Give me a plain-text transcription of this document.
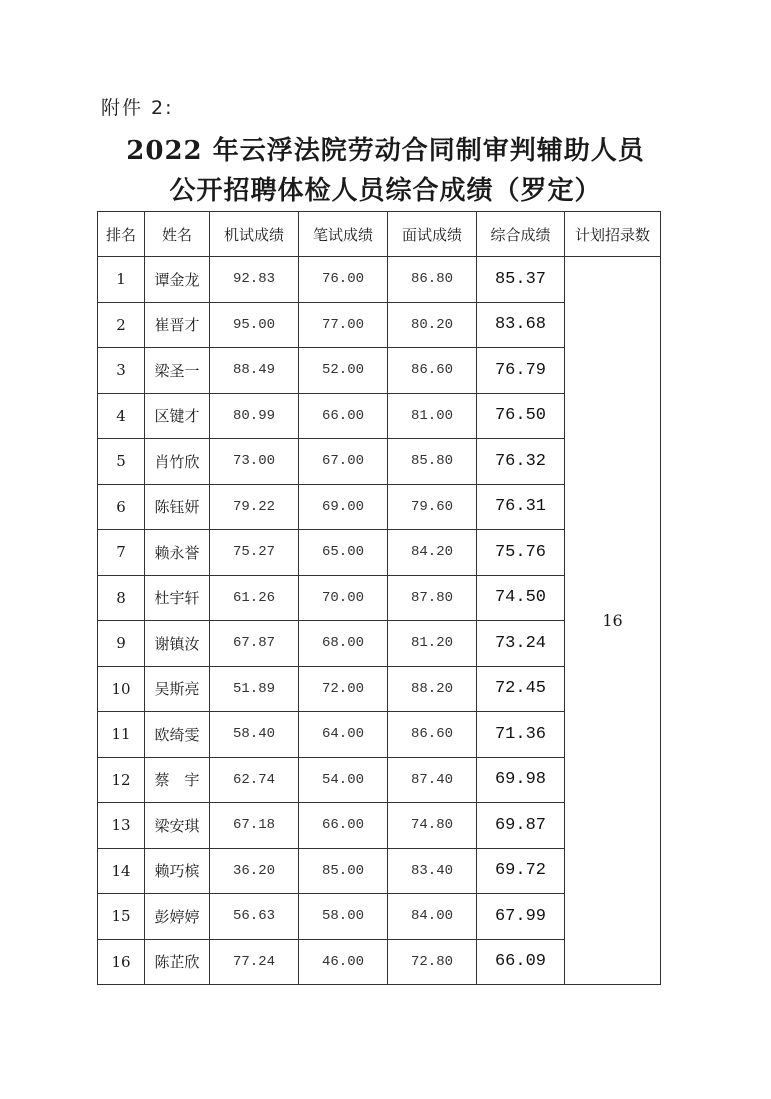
附件 2:
2022 年云浮法院劳动合同制审判辅助人员
公开招聘体检人员综合成绩（罗定）
排名	姓名	机试成绩	笔试成绩	面试成绩	综合成绩	计划招录数
1	谭金龙	92.83	76.00	86.80	85.37	16
2	崔晋才	95.00	77.00	80.20	83.68	
3	梁圣一	88.49	52.00	86.60	76.79	
4	区键才	80.99	66.00	81.00	76.50	
5	肖竹欣	73.00	67.00	85.80	76.32	
6	陈钰妍	79.22	69.00	79.60	76.31	
7	赖永誉	75.27	65.00	84.20	75.76	
8	杜宇轩	61.26	70.00	87.80	74.50	
9	谢镇汝	67.87	68.00	81.20	73.24	
10	吴斯亮	51.89	72.00	88.20	72.45	
11	欧绮雯	58.40	64.00	86.60	71.36	
12	蔡　宇	62.74	54.00	87.40	69.98	
13	梁安琪	67.18	66.00	74.80	69.87	
14	赖巧槟	36.20	85.00	83.40	69.72	
15	彭婷婷	56.63	58.00	84.00	67.99	
16	陈芷欣	77.24	46.00	72.80	66.09	
